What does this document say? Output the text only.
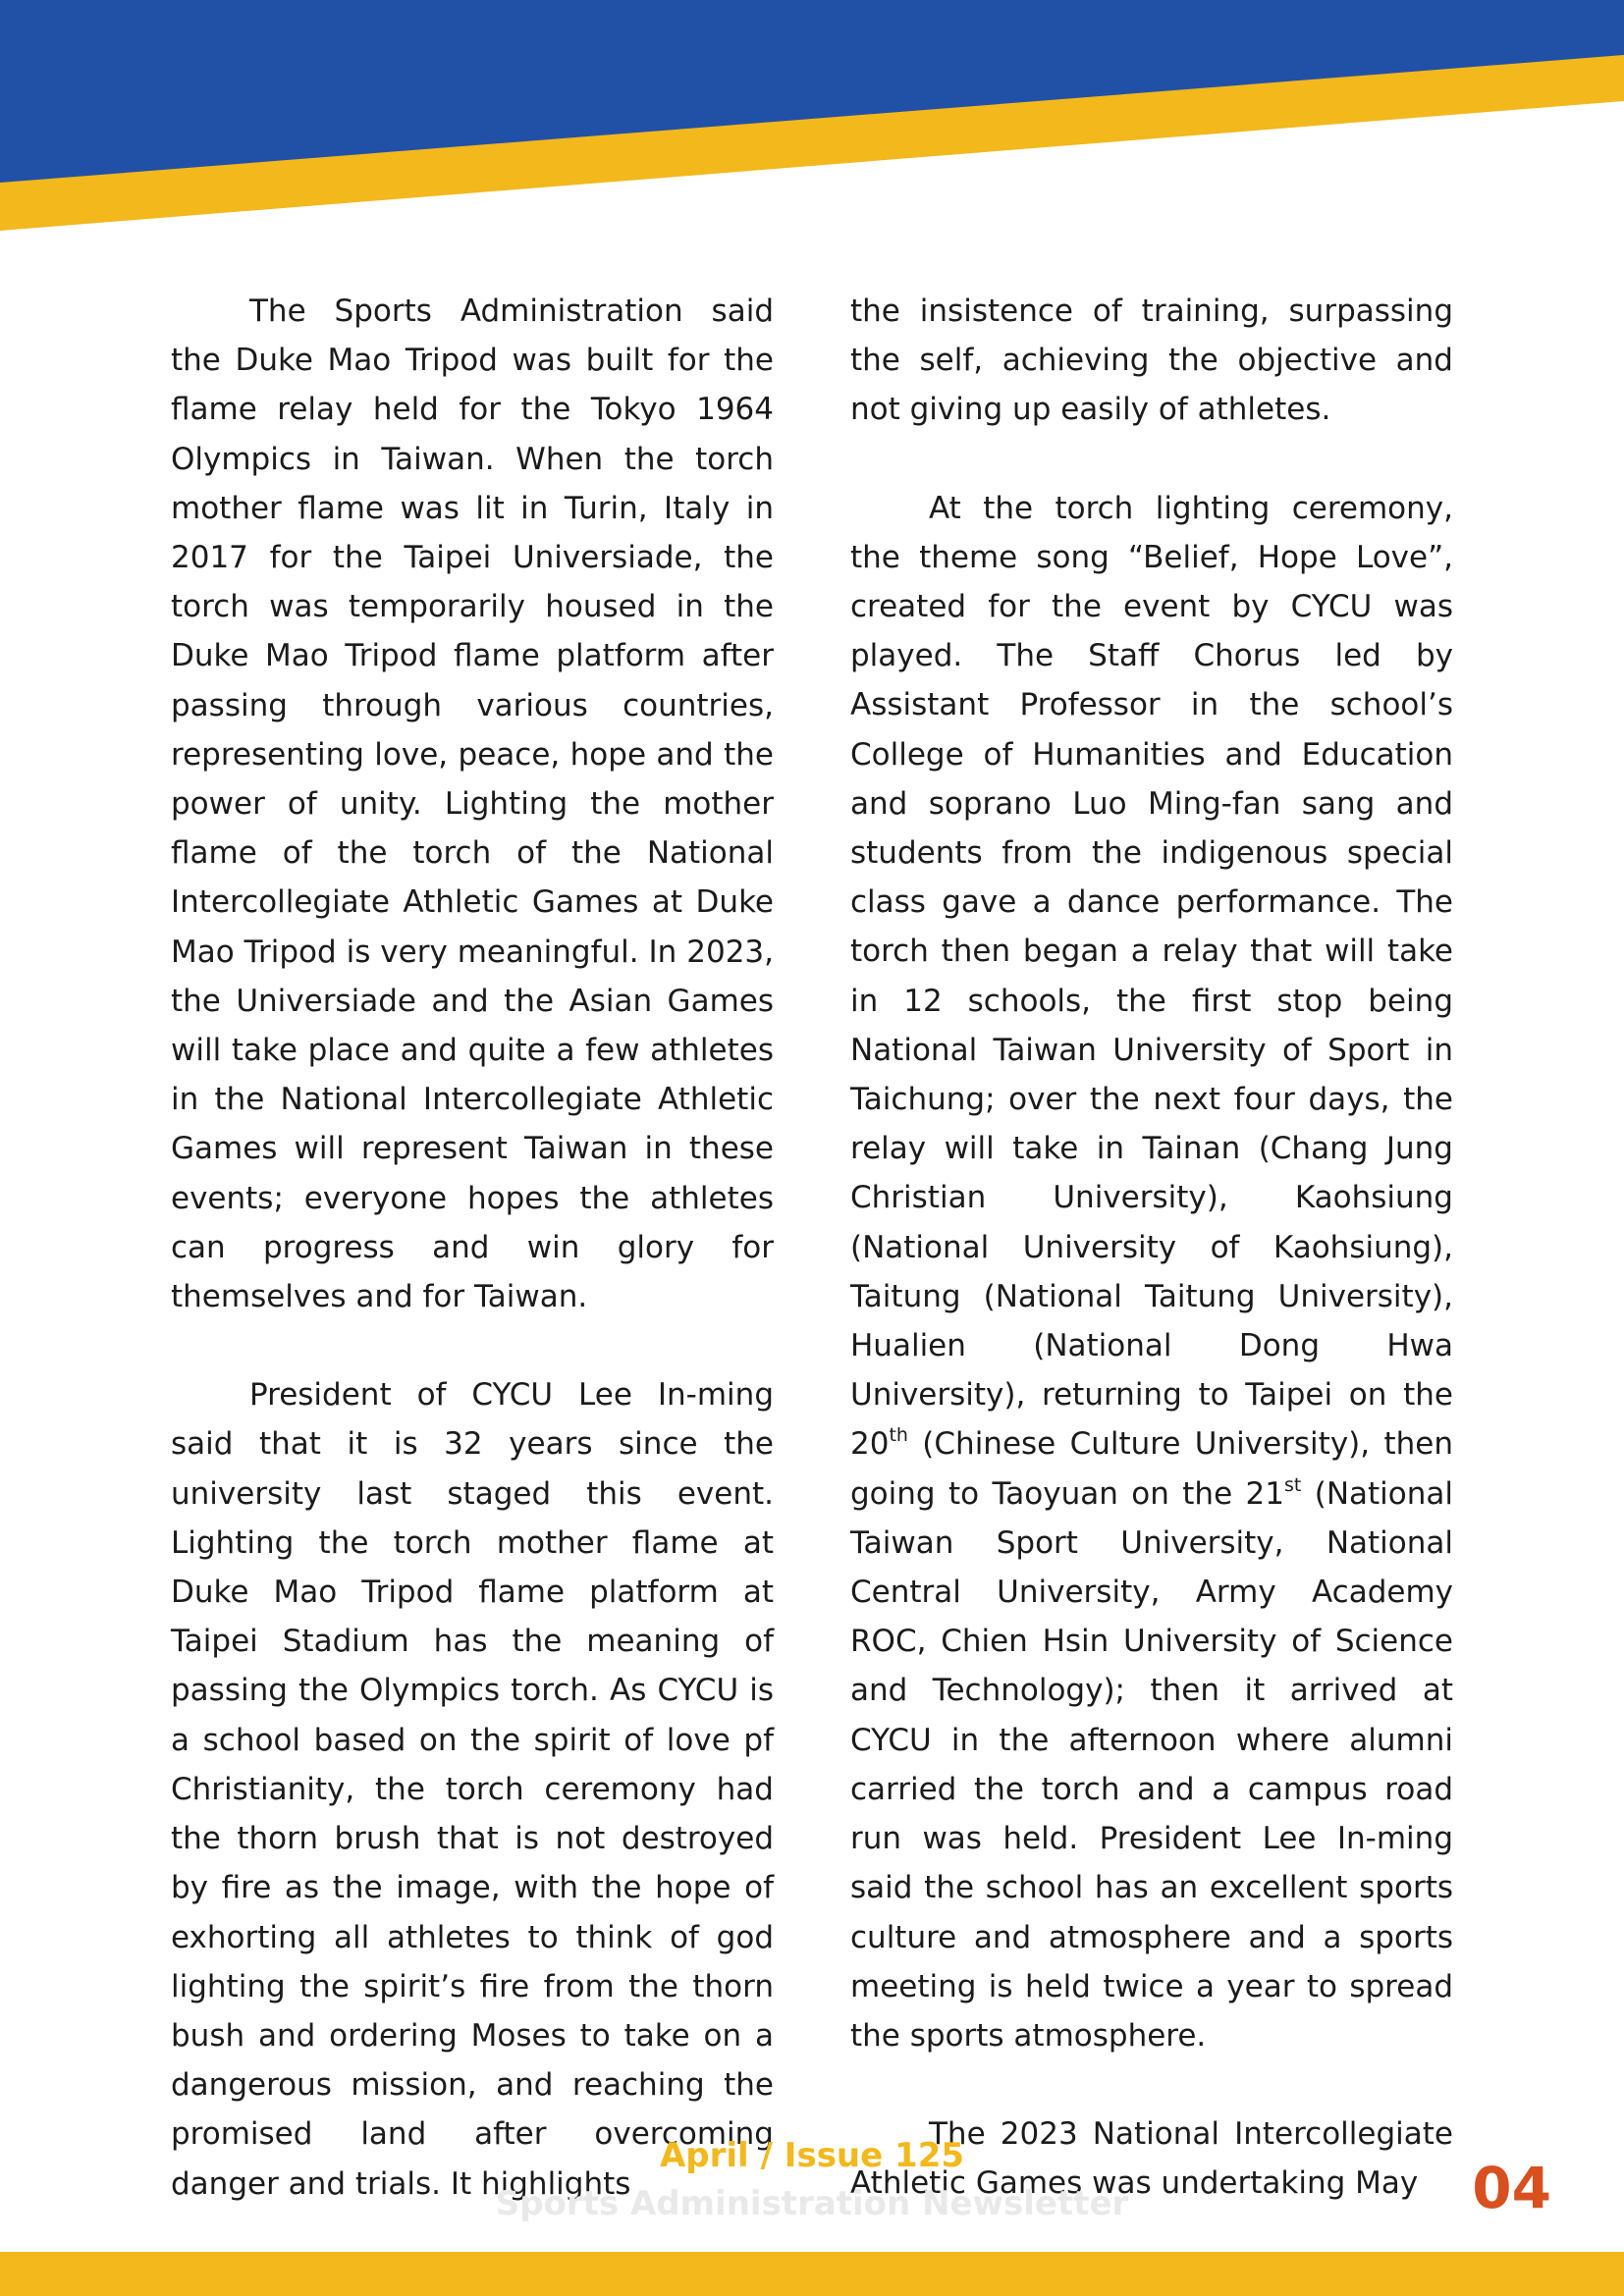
The Sports Administration said the Duke Mao Tripod was built for the flame relay held for the Tokyo 1964 Olympics in Taiwan. When the torch mother flame was lit in Turin, Italy in 2017 for the Taipei Universiade, the torch was temporarily housed in the Duke Mao Tripod flame platform after passing through various countries, representing love, peace, hope and the power of unity. Lighting the mother flame of the torch of the National Intercollegiate Athletic Games at Duke Mao Tripod is very meaningful. In 2023, the Universiade and the Asian Games will take place and quite a few athletes in the National Intercollegiate Athletic Games will represent Taiwan in these events; everyone hopes the athletes can progress and win glory for themselves and for Taiwan.

President of CYCU Lee In-ming said that it is 32 years since the university last staged this event. Lighting the torch mother flame at Duke Mao Tripod flame platform at Taipei Stadium has the meaning of passing the Olympics torch. As CYCU is a school based on the spirit of love pf Christianity, the torch ceremony had the thorn brush that is not destroyed by fire as the image, with the hope of exhorting all athletes to think of god lighting the spirit’s fire from the thorn bush and ordering Moses to take on a dangerous mission, and reaching the promised land after overcoming danger and trials. It highlights

the insistence of training, surpassing the self, achieving the objective and not giving up easily of athletes.

At the torch lighting ceremony, the theme song “Belief, Hope Love”, created for the event by CYCU was played. The Staff Chorus led by Assistant Professor in the school’s College of Humanities and Education and soprano Luo Ming-fan sang and students from the indigenous special class gave a dance performance. The torch then began a relay that will take in 12 schools, the first stop being National Taiwan University of Sport in Taichung; over the next four days, the relay will take in Tainan (Chang Jung Christian University), Kaohsiung (National University of Kaohsiung), Taitung (National Taitung University), Hualien (National Dong Hwa University), returning to Taipei on the 20th (Chinese Culture University), then going to Taoyuan on the 21st (National Taiwan Sport University, National Central University, Army Academy ROC, Chien Hsin University of Science and Technology); then it arrived at CYCU in the afternoon where alumni carried the torch and a campus road run was held. President Lee In-ming said the school has an excellent sports culture and atmosphere and a sports meeting is held twice a year to spread the sports atmosphere.

The 2023 National Intercollegiate Athletic Games was undertaking May

April / Issue 125
Sports Administration Newsletter	04
